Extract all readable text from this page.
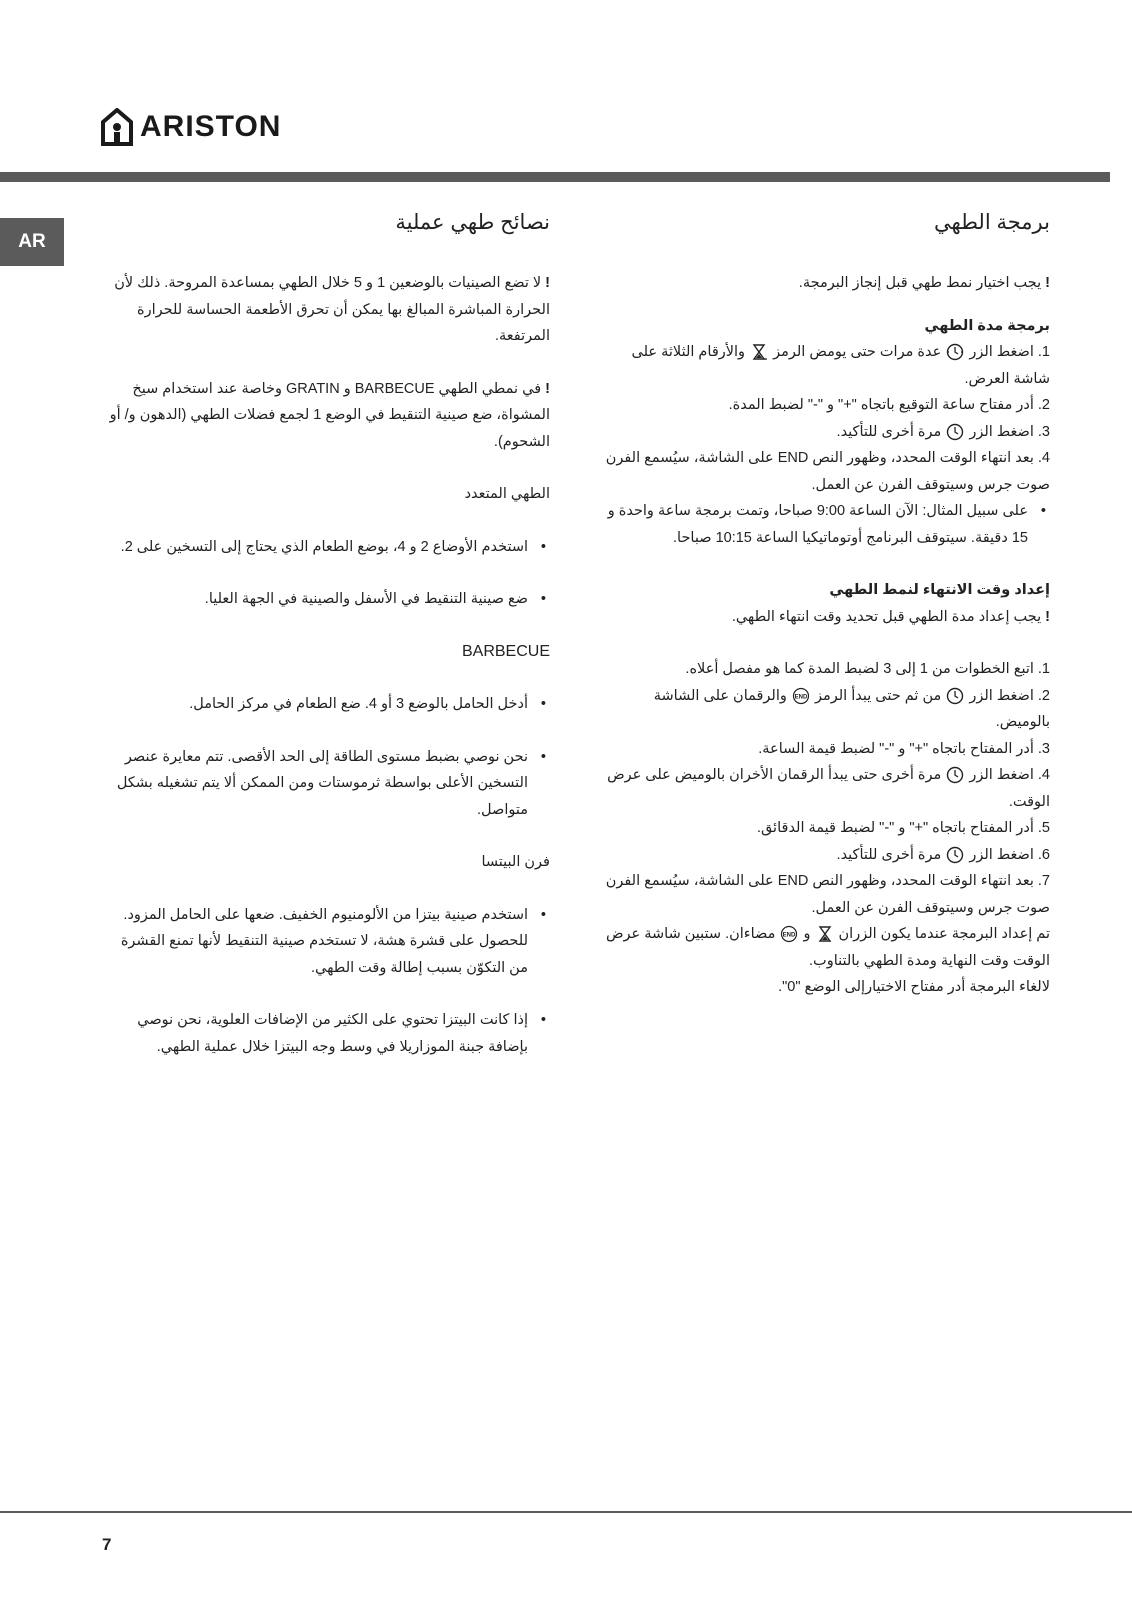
ARISTON
AR
برمجة الطهي

!يجب اختيار نمط طهي قبل إنجاز البرمجة.

برمجة مدة الطهي

1.اضغط الزر  عدة مرات حتى يومض الرمز  والأرقام الثلاثة على شاشة العرض.

2.أدر مفتاح ساعة التوقيع باتجاه "+" و "-" لضبط المدة.

3.اضغط الزر  مرة أخرى للتأكيد.

4.بعد انتهاء الوقت المحدد، وظهور النص END على الشاشة، سيُسمع الفرن صوت جرس وسيتوقف الفرن عن العمل.

• على سبيل المثال: الآن الساعة 9:00 صباحا، وتمت برمجة ساعة واحدة و 15 دقيقة. سيتوقف البرنامج أوتوماتيكيا الساعة 10:15 صباحا.

إعداد وقت الانتهاء لنمط الطهي

!يجب إعداد مدة الطهي قبل تحديد وقت انتهاء الطهي.

1.اتبع الخطوات من 1 إلى 3 لضبط المدة كما هو مفصل أعلاه.

2.اضغط الزر  من ثم حتى يبدأ الرمز
END
والرقمان على الشاشة بالوميض.

3.أدر المفتاح باتجاه "+" و "-" لضبط قيمة الساعة.

4.اضغط الزر  مرة أخرى حتى يبدأ الرقمان الأخران بالوميض على عرض الوقت.

5.أدر المفتاح باتجاه "+" و "-" لضبط قيمة الدقائق.

6.اضغط الزر  مرة أخرى للتأكيد.

7.بعد انتهاء الوقت المحدد، وظهور النص END على الشاشة، سيُسمع الفرن صوت جرس وسيتوقف الفرن عن العمل.

تم إعداد البرمجة عندما يكون الزران  و
END
مضاءان. ستبين شاشة عرض الوقت وقت النهاية ومدة الطهي بالتناوب.

لالغاء البرمجة أدر مفتاح الاختيارإلى الوضع "0".

نصائح طهي عملية

!لا تضع الصينيات بالوضعين 1 و 5 خلال الطهي بمساعدة المروحة. ذلك لأن الحرارة المباشرة المبالغ بها يمكن أن تحرق الأطعمة الحساسة للحرارة المرتفعة.

!في نمطي الطهي BARBECUE و GRATIN وخاصة عند استخدام سيخ المشواة، ضع صينية التنقيط في الوضع 1 لجمع فضلات الطهي (الدهون و/ أو الشحوم).

الطهي المتعدد

• استخدم الأوضاع 2 و 4، بوضع الطعام الذي يحتاج إلى التسخين على 2.

• ضع صينية التنقيط في الأسفل والصينية في الجهة العليا.

BARBECUE

• أدخل الحامل بالوضع 3 أو 4. ضع الطعام في مركز الحامل.

• نحن نوصي بضبط مستوى الطاقة إلى الحد الأقصى. تتم معايرة عنصر التسخين الأعلى بواسطة ثرموستات ومن الممكن ألا يتم تشغيله بشكل متواصل.

فرن البيتسا

• استخدم صينية بيتزا من الألومنيوم الخفيف. ضعها على الحامل المزود. للحصول على قشرة هشة، لا تستخدم صينية التنقيط لأنها تمنع القشرة من التكوّن بسبب إطالة وقت الطهي.

• إذا كانت البيتزا تحتوي على الكثير من الإضافات العلوية، نحن نوصي بإضافة جبنة الموزاريلا في وسط وجه البيتزا خلال عملية الطهي.

7
